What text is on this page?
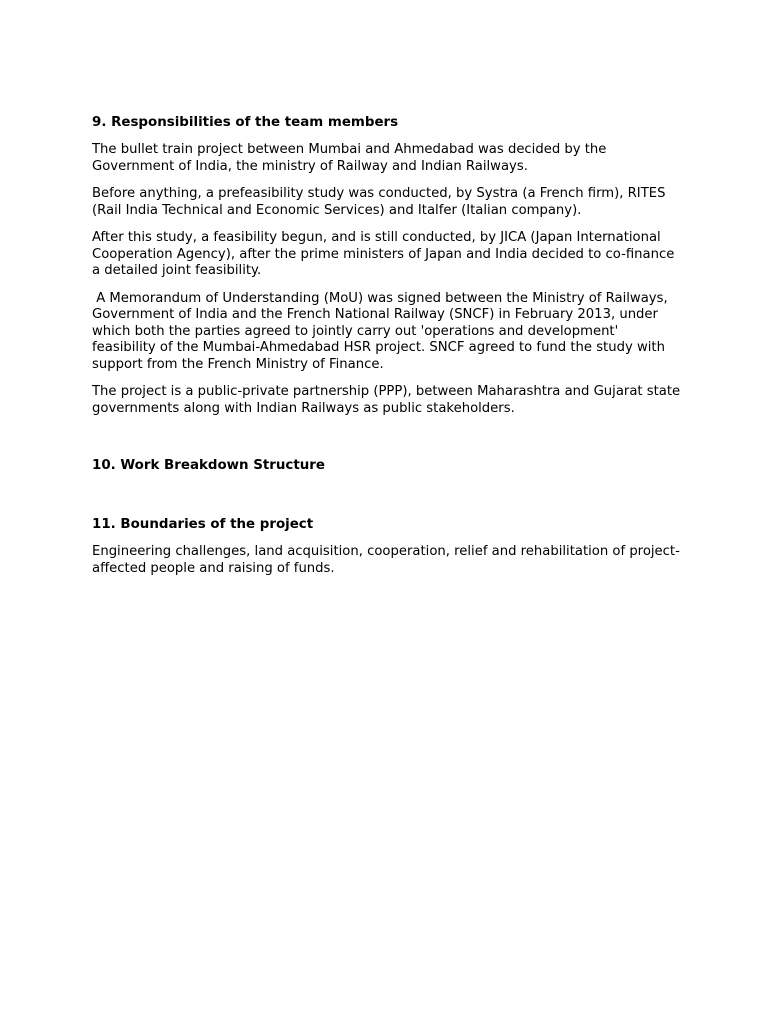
9. Responsibilities of the team members

The bullet train project between Mumbai and Ahmedabad was decided by the Government of India, the ministry of Railway and Indian Railways.

Before anything, a prefeasibility study was conducted, by Systra (a French firm), RITES (Rail India Technical and Economic Services) and Italfer (Italian company).

After this study, a feasibility begun, and is still conducted, by JICA (Japan International Cooperation Agency), after the prime ministers of Japan and India decided to co-finance a detailed joint feasibility.

A Memorandum of Understanding (MoU) was signed between the Ministry of Railways, Government of India and the French National Railway (SNCF) in February 2013, under which both the parties agreed to jointly carry out 'operations and development' feasibility of the Mumbai-Ahmedabad HSR project. SNCF agreed to fund the study with support from the French Ministry of Finance.

The project is a public-private partnership (PPP), between Maharashtra and Gujarat state governments along with Indian Railways as public stakeholders.

10. Work Breakdown Structure
11. Boundaries of the project

Engineering challenges, land acquisition, cooperation, relief and rehabilitation of project-affected people and raising of funds.
